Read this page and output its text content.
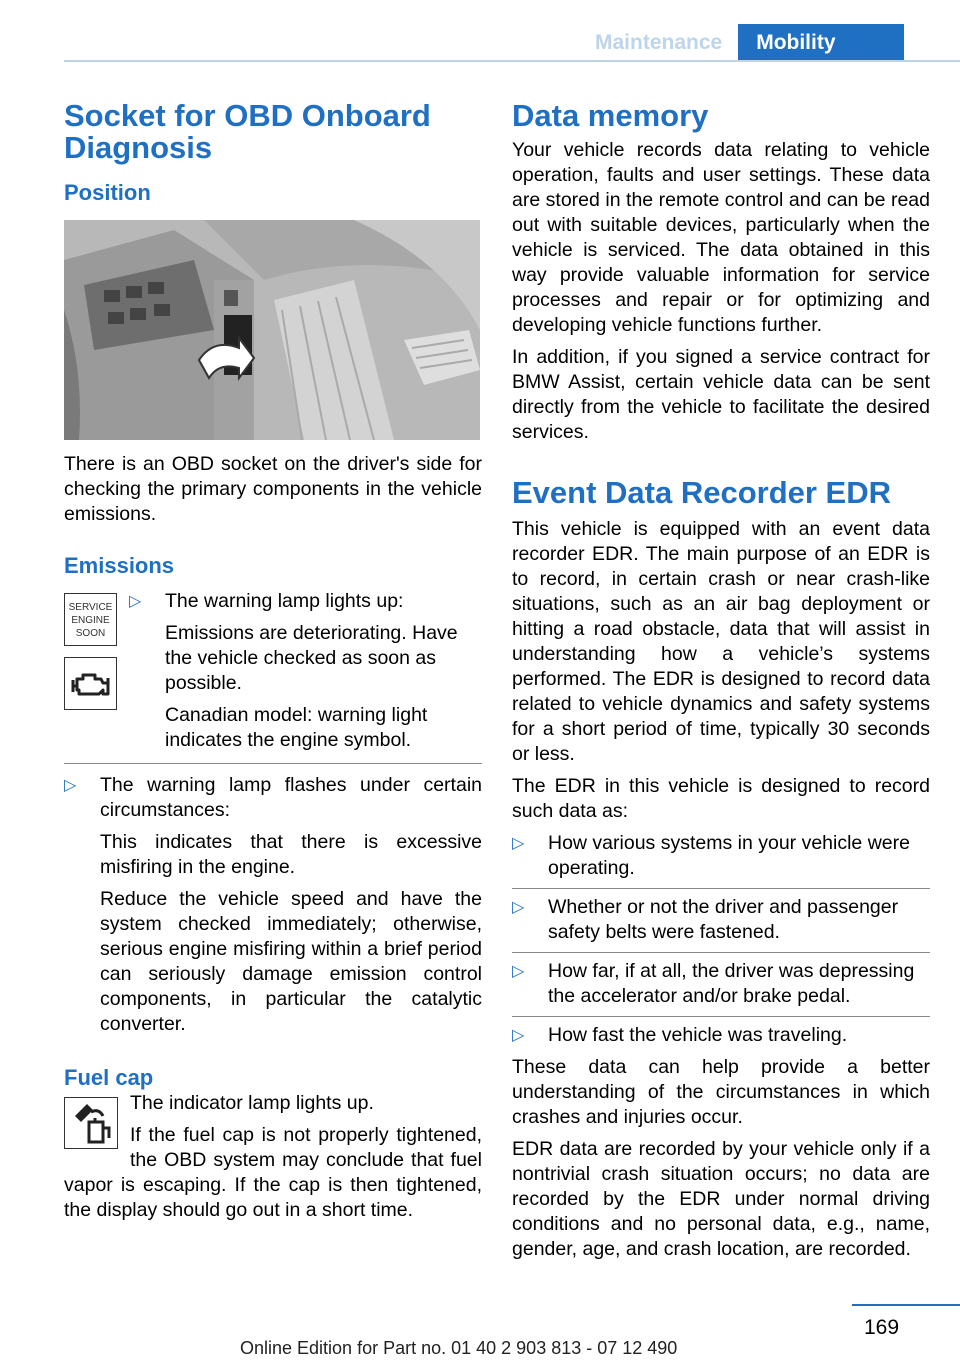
Maintenance	Mobility
Socket for OBD Onboard Diagnosis
Position

There is an OBD socket on the driver's side for checking the primary components in the vehicle emissions.

Emissions
SERVICE
ENGINE
SOON
▷ The warning lamp lights up:

Emissions are deteriorating. Have the vehicle checked as soon as possible.

Canadian model: warning light indicates the engine symbol.

▷ The warning lamp flashes under certain circumstances:

This indicates that there is excessive misfiring in the engine.

Reduce the vehicle speed and have the system checked immediately; otherwise, serious engine misfiring within a brief period can seriously damage emission control components, in particular the catalytic converter.

Fuel cap

The indicator lamp lights up.

If the fuel cap is not properly tightened, the OBD system may conclude that fuel vapor is escaping. If the cap is then tightened, the display should go out in a short time.

Data memory

Your vehicle records data relating to vehicle operation, faults and user settings. These data are stored in the remote control and can be read out with suitable devices, particularly when the vehicle is serviced. The data obtained in this way provide valuable information for service processes and repair or for optimizing and developing vehicle functions further.

In addition, if you signed a service contract for BMW Assist, certain vehicle data can be sent directly from the vehicle to facilitate the desired services.

Event Data Recorder EDR

This vehicle is equipped with an event data recorder EDR. The main purpose of an EDR is to record, in certain crash or near crash-like situations, such as an air bag deployment or hitting a road obstacle, data that will assist in understanding how a vehicle’s systems performed. The EDR is designed to record data related to vehicle dynamics and safety systems for a short period of time, typically 30 seconds or less.

The EDR in this vehicle is designed to record such data as:

▷ How various systems in your vehicle were operating.

▷ Whether or not the driver and passenger safety belts were fastened.

▷ How far, if at all, the driver was depressing the accelerator and/or brake pedal.

▷ How fast the vehicle was traveling.

These data can help provide a better understanding of the circumstances in which crashes and injuries occur.

EDR data are recorded by your vehicle only if a nontrivial crash situation occurs; no data are recorded by the EDR under normal driving conditions and no personal data, e.g., name, gender, age, and crash location, are recorded.

169
Online Edition for Part no. 01 40 2 903 813 - 07 12 490
